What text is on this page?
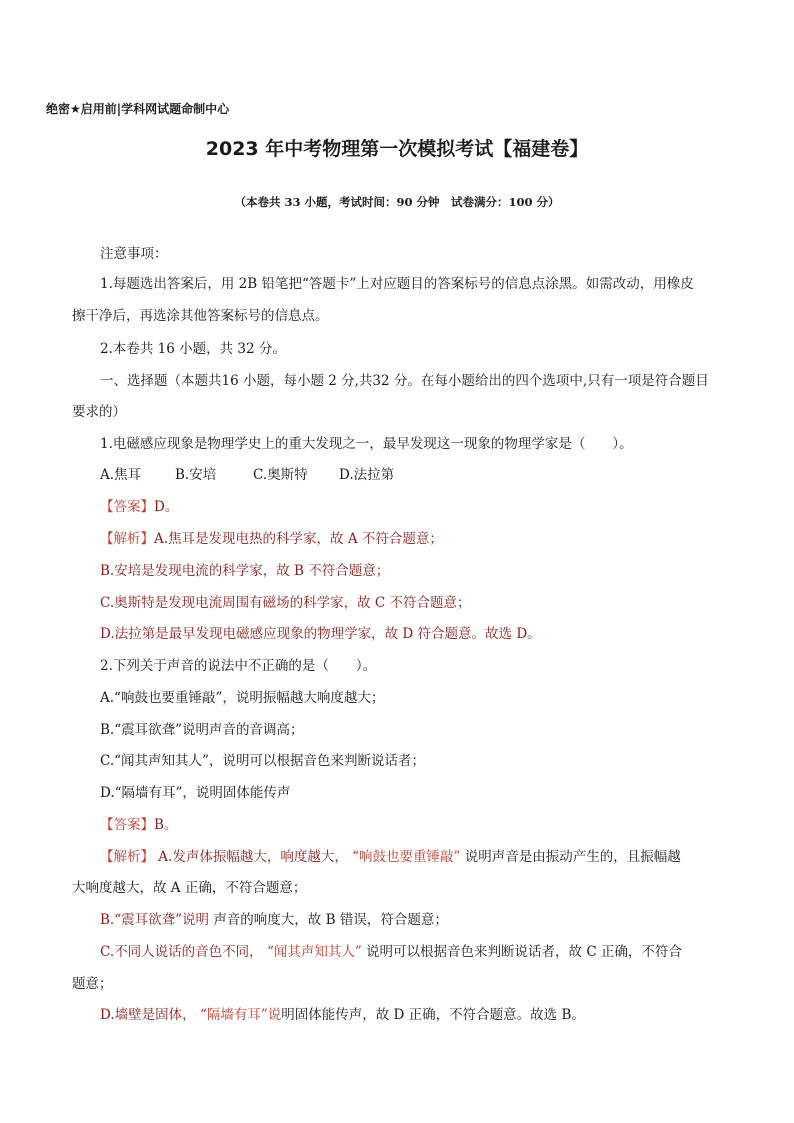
绝密★启用前|学科网试题命制中心
2023 年中考物理第一次模拟考试【福建卷】
（本卷共 33 小题，考试时间：90 分钟　试卷满分：100 分）
注意事项：
1.每题选出答案后，用 2B 铅笔把“答题卡”上对应题目的答案标号的信息点涂黑。如需改动，用橡皮
擦干净后，再选涂其他答案标号的信息点。
2.本卷共 16 小题，共 32 分。
一、选择题（本题共16 小题，每小题 2 分,共32 分。在每小题给出的四个选项中,只有一项是符合题目
要求的）
1.电磁感应现象是物理学史上的重大发现之一，最早发现这一现象的物理学家是（　　）。
A.焦耳	B.安培	C.奥斯特 D.法拉第
【答案】D。
【解析】A.焦耳是发现电热的科学家，故 A 不符合题意；
B.安培是发现电流的科学家，故 B 不符合题意；
C.奥斯特是发现电流周围有磁场的科学家，故 C 不符合题意；
D.法拉第是最早发现电磁感应现象的物理学家，故 D 符合题意。故选 D。
2.下列关于声音的说法中不正确的是（　　）。
A.“响鼓也要重锤敲”，说明振幅越大响度越大；
B.“震耳欲聋”说明声音的音调高；
C.“闻其声知其人”，说明可以根据音色来判断说话者；
D.“隔墙有耳”，说明固体能传声
【答案】B。
【解析】 A.发声体振幅越大，响度越大， “响鼓也要重锤敲” 说明声音是由振动产生的，且振幅越
大响度越大，故 A 正确，不符合题意；
B.“震耳欲聋”说明 声音的响度大，故 B 错误，符合题意；
C.不同人说话的音色不同， “闻其声知其人” 说明可以根据音色来判断说话者，故 C 正确，不符合
题意；
D.墙壁是固体， “隔墙有耳”说明固体能传声，故 D 正确，不符合题意。故选 B。
